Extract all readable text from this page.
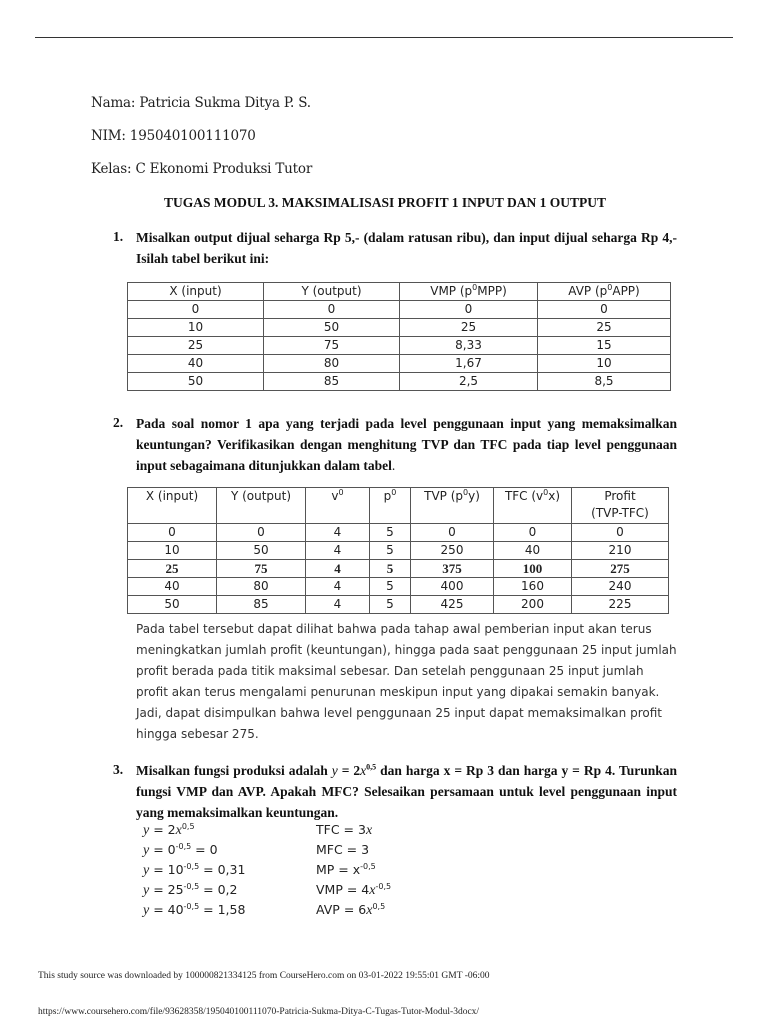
Nama: Patricia Sukma Ditya P. S.
NIM: 195040100111070
Kelas: C Ekonomi Produksi Tutor
TUGAS MODUL 3. MAKSIMALISASI PROFIT 1 INPUT DAN 1 OUTPUT
1. Misalkan output dijual seharga Rp 5,- (dalam ratusan ribu), dan input dijual seharga Rp 4,- Isilah tabel berikut ini:
X (input)	Y (output)	VMP $(p^0MPP)$	AVP $(p^0APP)$
0	0	0	0
10	50	25	25
25	75	8,33	15
40	80	1,67	10
50	85	2,5	8,5
2. Pada soal nomor 1 apa yang terjadi pada level penggunaan input yang memaksimalkan keuntungan? Verifikasikan dengan menghitung TVP dan TFC pada tiap level penggunaan input sebagaimana ditunjukkan dalam tabel.
X (input)	Y (output)	$v^0$	$p^0$	TVP $(p^0y)$	TFC $(v^0x)$	Profit
(TVP-TFC)
0	0	4	5	0	0	0
10	50	4	5	250	40	210
25	75	4	5	375	100	275
40	80	4	5	400	160	240
50	85	4	5	425	200	225
Pada tabel tersebut dapat dilihat bahwa pada tahap awal pemberian input akan terus meningkatkan jumlah profit (keuntungan), hingga pada saat penggunaan 25 input jumlah profit berada pada titik maksimal sebesar. Dan setelah penggunaan 25 input jumlah profit akan terus mengalami penurunan meskipun input yang dipakai semakin banyak. Jadi, dapat disimpulkan bahwa level penggunaan 25 input dapat memaksimalkan profit hingga sebesar 275.
3. Misalkan fungsi produksi adalah $y = 2x^{0,5}$ dan harga x = Rp 3 dan harga y = Rp 4. Turunkan fungsi VMP dan AVP. Apakah MFC? Selesaikan persamaan untuk level penggunaan input yang memaksimalkan keuntungan.
$y = 2x^{0,5}$
$y = 0^{-0,5} = 0$
$y = 10^{-0,5} = 0,31$
$y = 25^{-0,5} = 0,2$
$y = 40^{-0,5} = 1,58$
TFC = 3x
MFC = 3
MP = $x^{-0,5}$
VMP = $4x^{-0,5}$
AVP = $6x^{0,5}$
This study source was downloaded by 100000821334125 from CourseHero.com on 03-01-2022 19:55:01 GMT -06:00
https://www.coursehero.com/file/93628358/195040100111070-Patricia-Sukma-Ditya-C-Tugas-Tutor-Modul-3docx/
